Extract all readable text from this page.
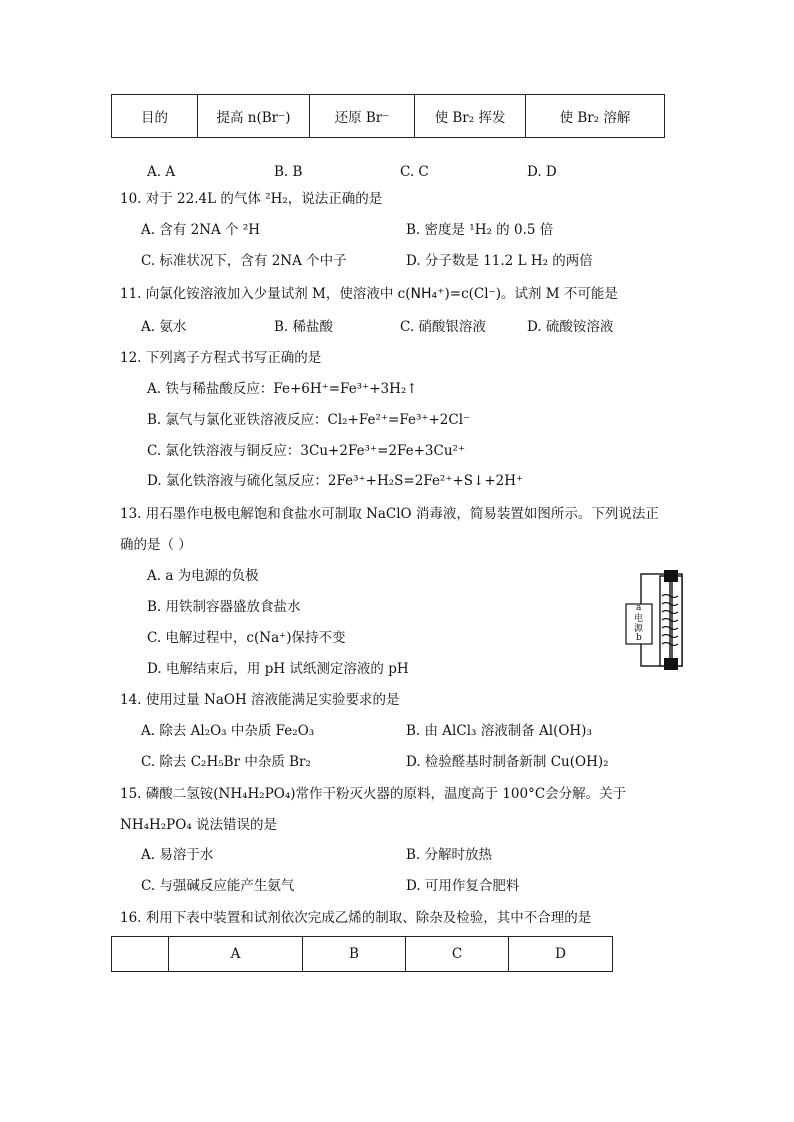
目的	提高 n(Br⁻)	还原 Br⁻	使 Br₂ 挥发	使 Br₂ 溶解
A. A	B. B	C. C	D. D
10. 对于 22.4L 的气体 ²H₂，说法正确的是
A. 含有 2NA 个 ²H	B. 密度是 ¹H₂ 的 0.5 倍
C. 标准状况下，含有 2NA 个中子	D. 分子数是 11.2 L H₂ 的两倍
11. 向氯化铵溶液加入少量试剂 M，使溶液中 c(NH₄⁺)=c(Cl⁻)。试剂 M 不可能是
A. 氨水	B. 稀盐酸	C. 硝酸银溶液	D. 硫酸铵溶液
12. 下列离子方程式书写正确的是
A. 铁与稀盐酸反应：Fe+6H⁺=Fe³⁺+3H₂↑
B. 氯气与氯化亚铁溶液反应：Cl₂+Fe²⁺=Fe³⁺+2Cl⁻
C. 氯化铁溶液与铜反应：3Cu+2Fe³⁺=2Fe+3Cu²⁺
D. 氯化铁溶液与硫化氢反应：2Fe³⁺+H₂S=2Fe²⁺+S↓+2H⁺
13. 用石墨作电极电解饱和食盐水可制取 NaClO 消毒液，简易装置如图所示。下列说法正
确的是（ ）
A. a 为电源的负极
B. 用铁制容器盛放食盐水
C. 电解过程中，c(Na⁺)保持不变
D. 电解结束后，用 pH 试纸测定溶液的 pH
a
电
源
b
14. 使用过量 NaOH 溶液能满足实验要求的是
A. 除去 Al₂O₃ 中杂质 Fe₂O₃	B. 由 AlCl₃ 溶液制备 Al(OH)₃
C. 除去 C₂H₅Br 中杂质 Br₂	D. 检验醛基时制备新制 Cu(OH)₂
15. 磷酸二氢铵(NH₄H₂PO₄)常作干粉灭火器的原料，温度高于 100°C会分解。关于
NH₄H₂PO₄ 说法错误的是
A. 易溶于水	B. 分解时放热
C. 与强碱反应能产生氨气	D. 可用作复合肥料
16. 利用下表中装置和试剂依次完成乙烯的制取、除杂及检验，其中不合理的是
	A	B	C	D
